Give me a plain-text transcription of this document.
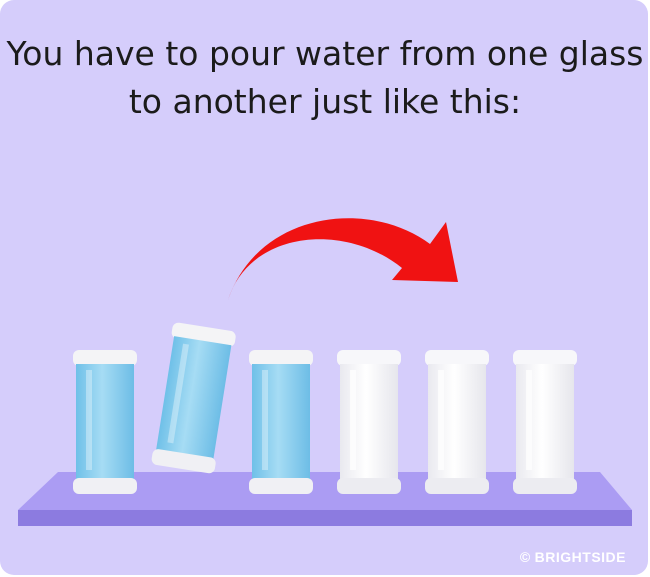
You have to pour water from one glass
to another just like this:
© BRIGHTSIDE
